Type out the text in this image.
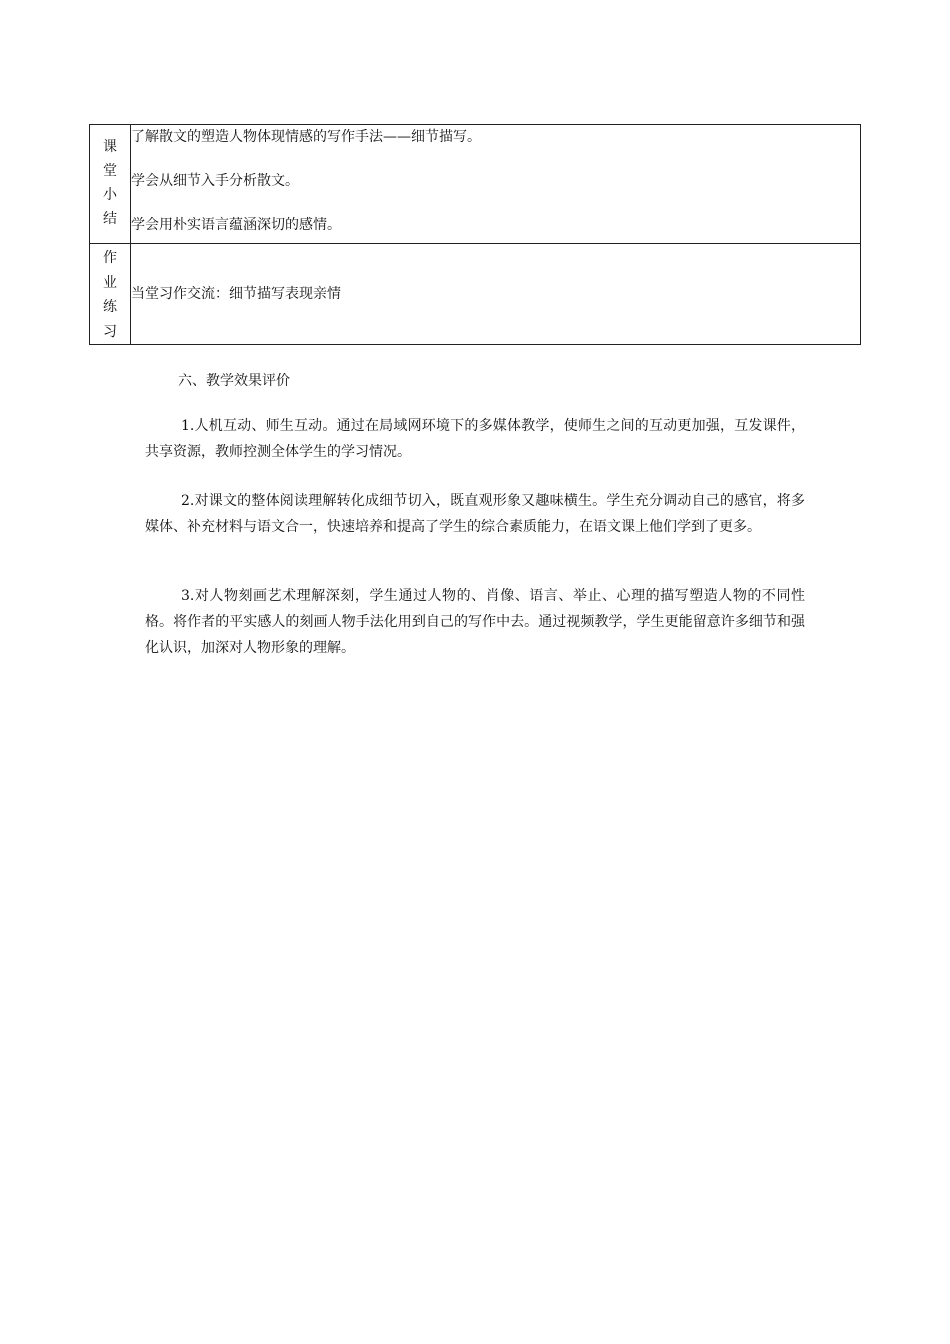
课
堂
小
结	了解散文的塑造人物体现情感的写作手法——细节描写。
学会从细节入手分析散文。
学会用朴实语言蕴涵深切的感情。

作
业
练
习	当堂习作交流：细节描写表现亲情
六、教学效果评价

1.人机互动、师生互动。通过在局域网环境下的多媒体教学，使师生之间的互动更加强，互发课件，共享资源，教师控测全体学生的学习情况。

2.对课文的整体阅读理解转化成细节切入，既直观形象又趣味横生。学生充分调动自己的感官，将多媒体、补充材料与语文合一，快速培养和提高了学生的综合素质能力，在语文课上他们学到了更多。

3.对人物刻画艺术理解深刻，学生通过人物的、肖像、语言、举止、心理的描写塑造人物的不同性格。将作者的平实感人的刻画人物手法化用到自己的写作中去。通过视频教学，学生更能留意许多细节和强化认识，加深对人物形象的理解。
